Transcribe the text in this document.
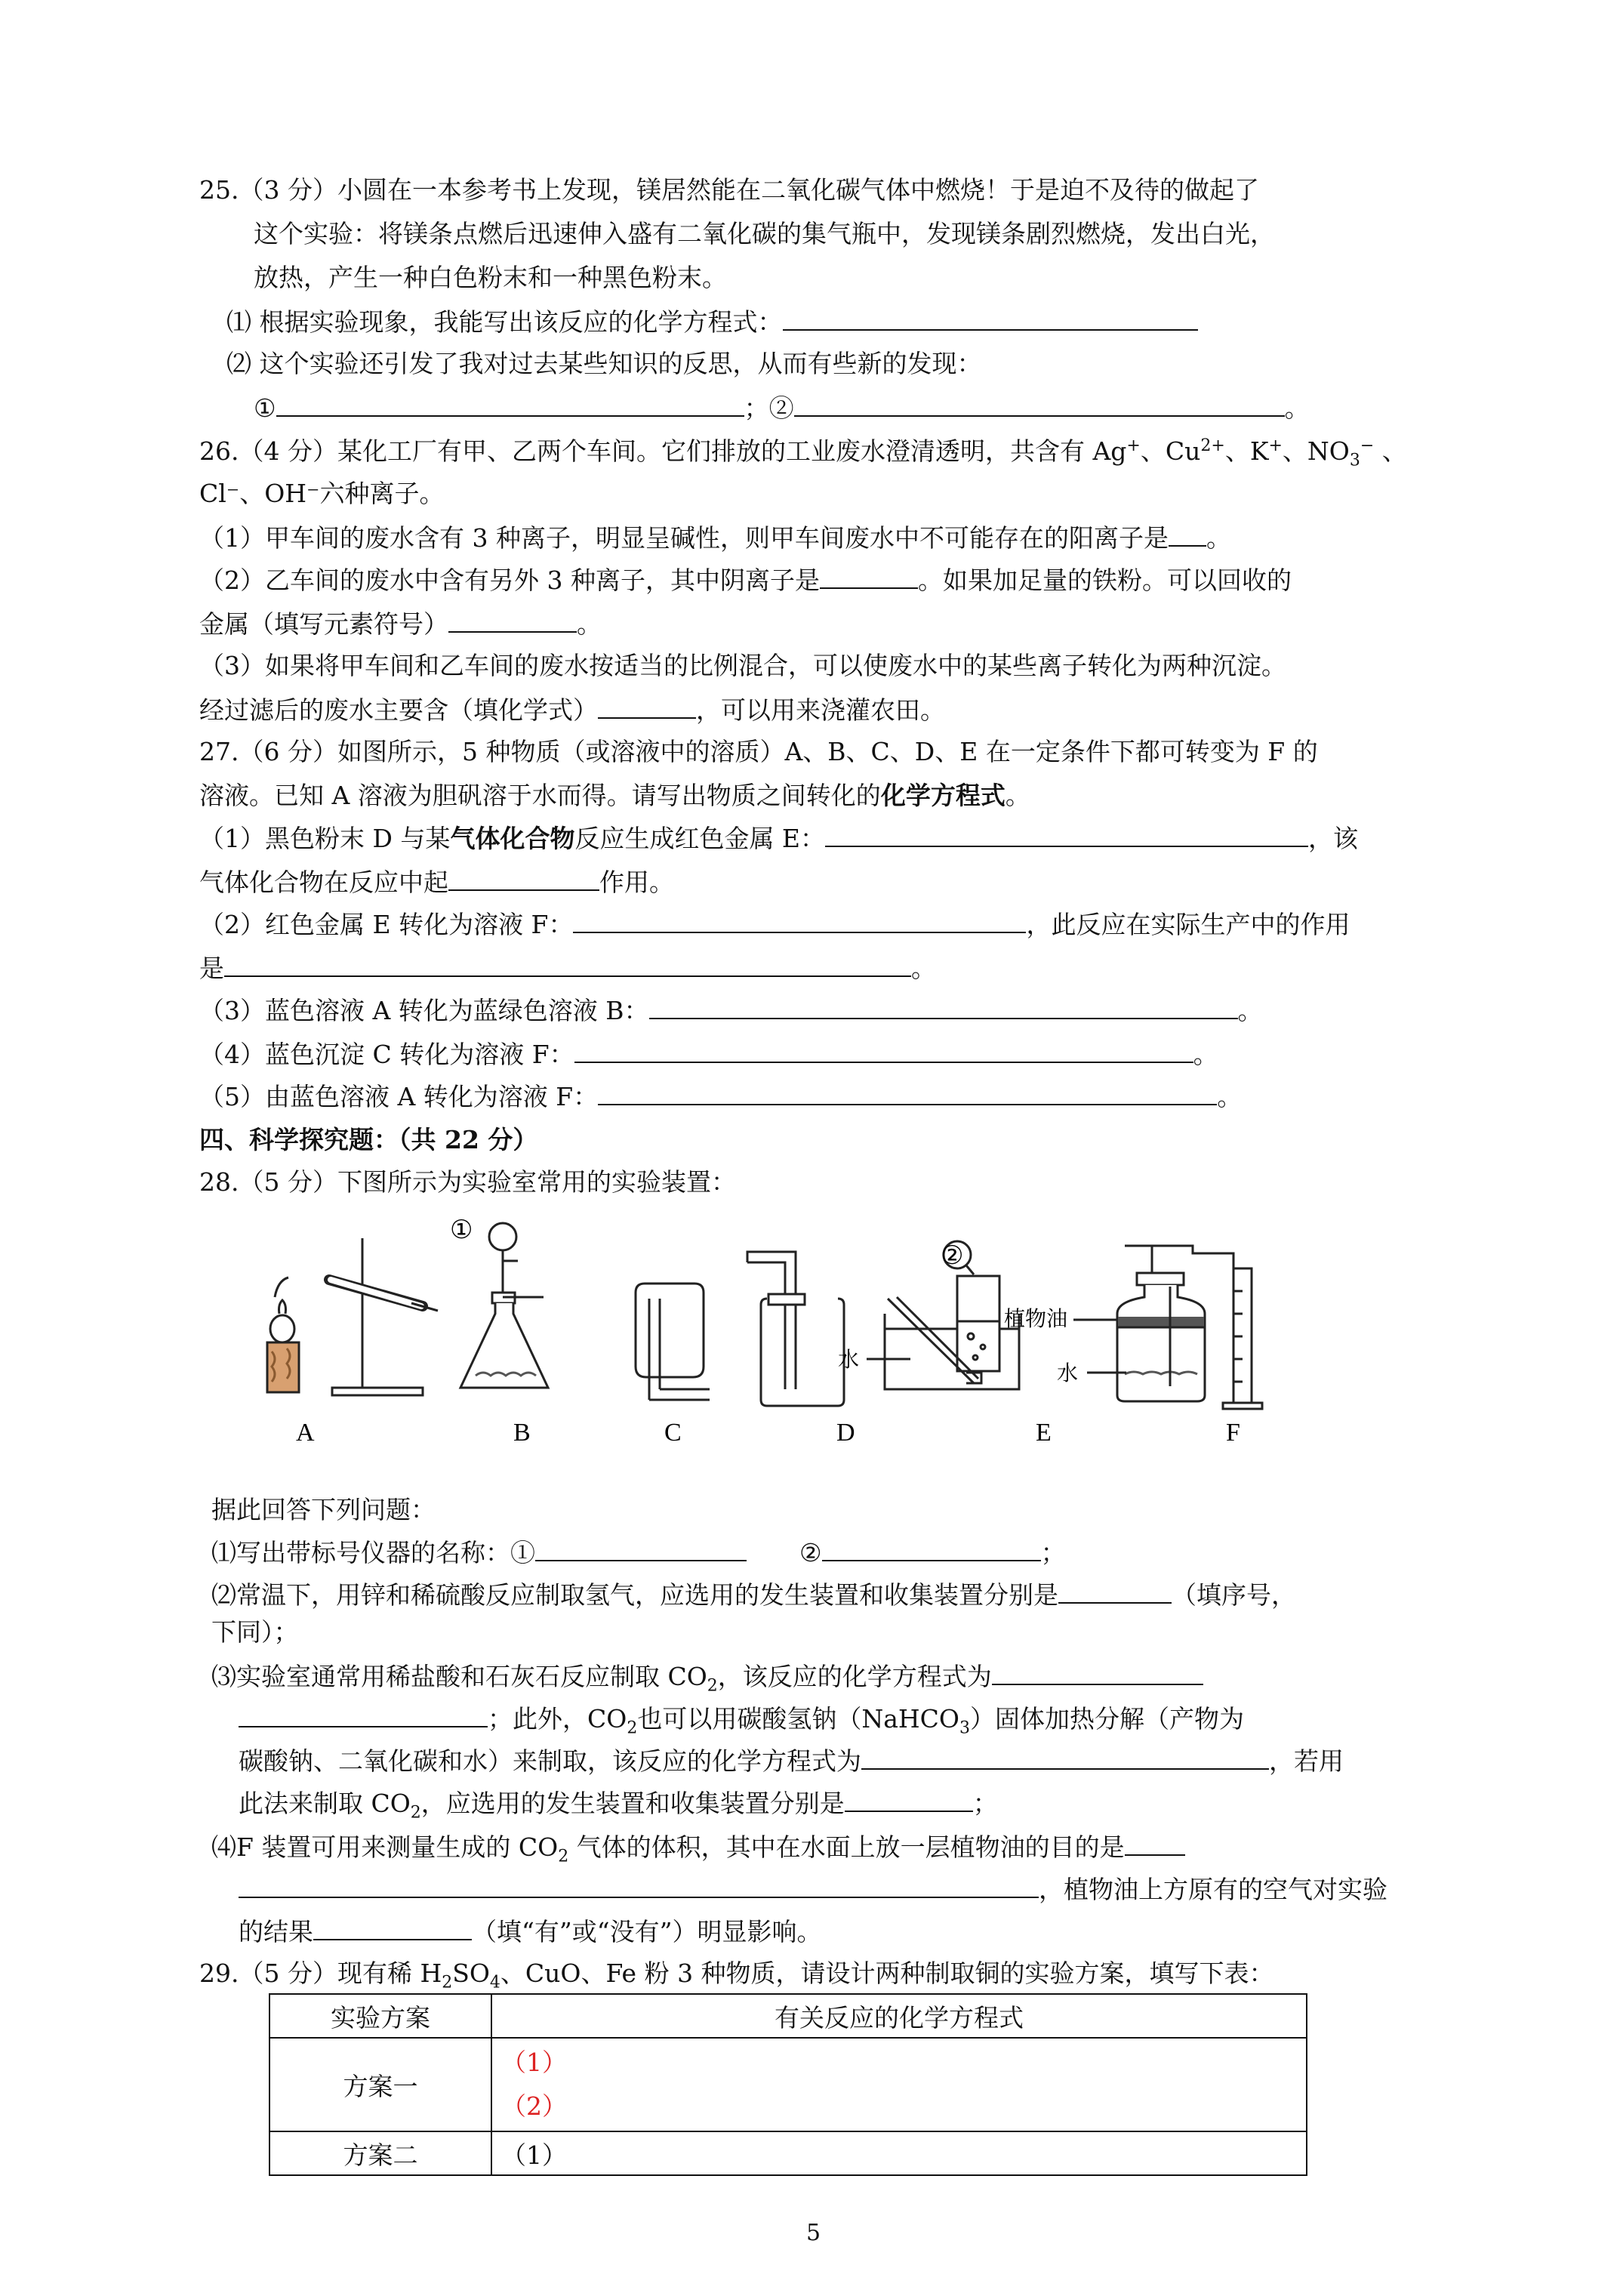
25.（3 分）小圆在一本参考书上发现，镁居然能在二氧化碳气体中燃烧！于是迫不及待的做起了
这个实验：将镁条点燃后迅速伸入盛有二氧化碳的集气瓶中，发现镁条剧烈燃烧，发出白光，
放热，产生一种白色粉末和一种黑色粉末。
⑴ 根据实验现象，我能写出该反应的化学方程式：
⑵ 这个实验还引发了我对过去某些知识的反思，从而有些新的发现：
①	；②	。
26.（4 分）某化工厂有甲、乙两个车间。它们排放的工业废水澄清透明，共含有 Ag+、$Cu^{2+}$、K+、$NO_3^-$ 、
Cl⁻、OH⁻六种离子。
（1）甲车间的废水含有 3 种离子，明显呈碱性，则甲车间废水中不可能存在的阳离子是 。
（2）乙车间的废水中含有另外 3 种离子，其中阴离子是	。如果加足量的铁粉。可以回收的
金属（填写元素符号）	。
（3）如果将甲车间和乙车间的废水按适当的比例混合，可以使废水中的某些离子转化为两种沉淀。
经过滤后的废水主要含（填化学式）	，可以用来浇灌农田。
27.（6 分）如图所示，5 种物质（或溶液中的溶质）A、B、C、D、E 在一定条件下都可转变为 F 的
溶液。已知 A 溶液为胆矾溶于水而得。请写出物质之间转化的化学方程式。
（1）黑色粉末 D 与某气体化合物反应生成红色金属 E：	，该
气体化合物在反应中起	作用。
（2）红色金属 E 转化为溶液 F：	，此反应在实际生产中的作用
是	。
（3）蓝色溶液 A 转化为蓝绿色溶液 B：	。
（4）蓝色沉淀 C 转化为溶液 F：	。
（5）由蓝色溶液 A 转化为溶液 F：	。
四、科学探究题：（共 22 分）
28.（5 分）下图所示为实验室常用的实验装置：
①
②
水
水
植物油
A	B	C	D	E	F
据此回答下列问题：
⑴写出带标号仪器的名称：①	②	；
⑵常温下，用锌和稀硫酸反应制取氢气，应选用的发生装置和收集装置分别是	（填序号，
下同）；
⑶实验室通常用稀盐酸和石灰石反应制取 $CO_2$，该反应的化学方程式为
；此外，$CO_2$也可以用碳酸氢钠（NaHCO$_3$）固体加热分解（产物为
碳酸钠、二氧化碳和水）来制取，该反应的化学方程式为	，若用
此法来制取 $CO_2$，应选用的发生装置和收集装置分别是	；
⑷F 装置可用来测量生成的 $CO_2$ 气体的体积，其中在水面上放一层植物油的目的是
，植物油上方原有的空气对实验
的结果	（填“有”或“没有”）明显影响。
29.（5 分）现有稀 $H_2SO_4$、CuO、Fe 粉 3 种物质，请设计两种制取铜的实验方案，填写下表：
实验方案	有关反应的化学方程式
方案一	（1）
（2）

方案二	（1）
5
